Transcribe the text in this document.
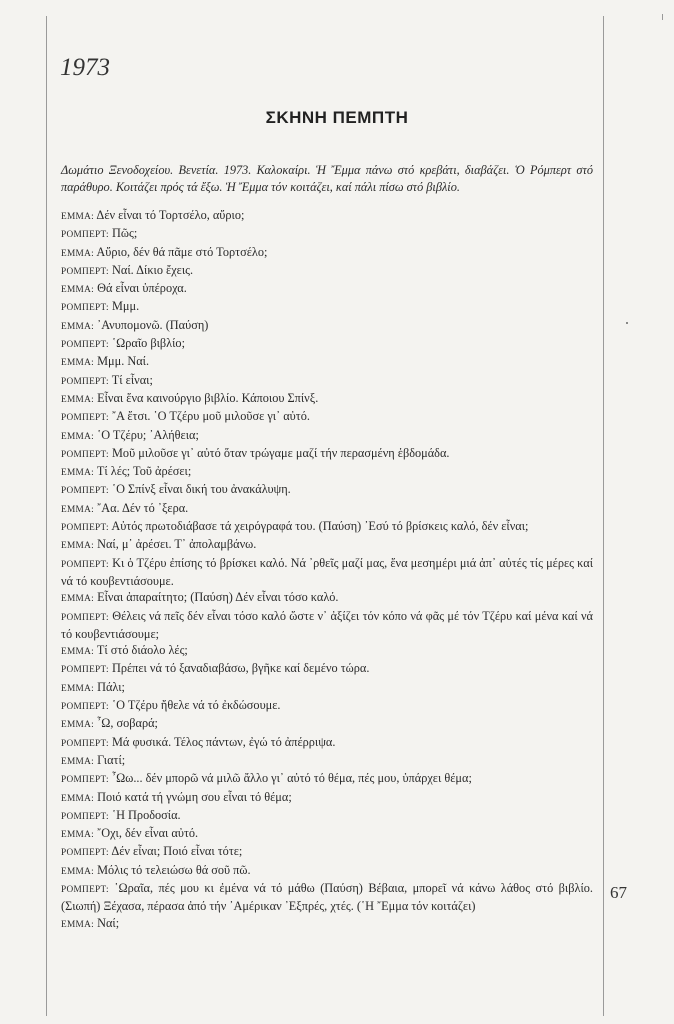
1973
ΣΚΗΝΗ ΠΕΜΠΤΗ

Δωμάτιο Ξενοδοχείου. Βενετία. 1973. Καλοκαίρι. Ἡ Ἔμμα πάνω στό κρεβάτι, διαβάζει. Ὁ Ρόμπερτ στό παράθυρο. Κοιτάζει πρός τά ἔξω. Ἡ Ἔμμα τόν κοιτάζει, καί πάλι πίσω στό βιβλίο.

ΕΜΜΑ: Δέν εἶναι τό Τορτσέλο, αὔριο;
ΡΟΜΠΕΡΤ: Πῶς;
ΕΜΜΑ: Αὔριο, δέν θά πᾶμε στό Τορτσέλο;
ΡΟΜΠΕΡΤ: Ναί. Δίκιο ἔχεις.
ΕΜΜΑ: Θά εἶναι ὑπέροχα.
ΡΟΜΠΕΡΤ: Μμμ.
ΕΜΜΑ: ᾿Ανυπομονῶ. (Παύση)
ΡΟΜΠΕΡΤ: ῾Ωραῖο βιβλίο;
ΕΜΜΑ: Μμμ. Ναί.
ΡΟΜΠΕΡΤ: Τί εἶναι;
ΕΜΜΑ: Εἶναι ἕνα καινούργιο βιβλίο. Κάποιου Σπίνξ.
ΡΟΜΠΕΡΤ: ῎Α ἔτσι. ῾Ο Τζέρυ μοῦ μιλοῦσε γι᾿ αὐτό.
ΕΜΜΑ: ῾Ο Τζέρυ; ᾿Αλήθεια;
ΡΟΜΠΕΡΤ: Μοῦ μιλοῦσε γι᾿ αὐτό ὅταν τρώγαμε μαζί τήν περασμένη ἑβδομάδα.
ΕΜΜΑ: Τί λές; Τοῦ ἀρέσει;
ΡΟΜΠΕΡΤ: ῾Ο Σπίνξ εἶναι δική του ἀνακάλυψη.
ΕΜΜΑ: ῎Αα. Δέν τό ᾿ξερα.
ΡΟΜΠΕΡΤ: Αὐτός πρωτοδιάβασε τά χειρόγραφά του. (Παύση) ᾿Εσύ τό βρίσκεις καλό, δέν εἶναι;
ΕΜΜΑ: Ναί, μ᾿ ἀρέσει. Τ᾿ ἀπολαμβάνω.
ΡΟΜΠΕΡΤ: Κι ὁ Τζέρυ ἐπίσης τό βρίσκει καλό. Νά ᾿ρθεῖς μαζί μας, ἕνα μεσημέρι μιά ἀπ᾿ αὐτές τίς μέρες καί νά τό κουβεντιάσουμε.
ΕΜΜΑ: Εἶναι ἀπαραίτητο; (Παύση) Δέν εἶναι τόσο καλό.
ΡΟΜΠΕΡΤ: Θέλεις νά πεῖς δέν εἶναι τόσο καλό ὥστε ν᾿ ἀξίζει τόν κόπο νά φᾶς μέ τόν Τζέρυ καί μένα καί νά τό κουβεντιάσουμε;
ΕΜΜΑ: Τί στό διάολο λές;
ΡΟΜΠΕΡΤ: Πρέπει νά τό ξαναδιαβάσω, βγῆκε καί δεμένο τώρα.
ΕΜΜΑ: Πάλι;
ΡΟΜΠΕΡΤ: ῾Ο Τζέρυ ἤθελε νά τό ἐκδώσουμε.
ΕΜΜΑ: ῏Ω, σοβαρά;
ΡΟΜΠΕΡΤ: Μά φυσικά. Τέλος πάντων, ἐγώ τό ἀπέρριψα.
ΕΜΜΑ: Γιατί;
ΡΟΜΠΕΡΤ: ῏Ωω... δέν μπορῶ νά μιλῶ ἄλλο γι᾿ αὐτό τό θέμα, πές μου, ὑπάρχει θέμα;
ΕΜΜΑ: Ποιό κατά τή γνώμη σου εἶναι τό θέμα;
ΡΟΜΠΕΡΤ: ῾Η Προδοσία.
ΕΜΜΑ: ῎Οχι, δέν εἶναι αὐτό.
ΡΟΜΠΕΡΤ: Δέν εἶναι; Ποιό εἶναι τότε;
ΕΜΜΑ: Μόλις τό τελειώσω θά σοῦ πῶ.
ΡΟΜΠΕΡΤ: ῾Ωραῖα, πές μου κι ἐμένα νά τό μάθω (Παύση) Βέβαια, μπορεῖ νά κάνω λάθος στό βιβλίο. (Σιωπή) Ξέχασα, πέρασα ἀπό τήν ᾿Αμέρικαν ᾿Εξπρές, χτές. (῾Η ῎Εμμα τόν κοιτάζει)
ΕΜΜΑ: Ναί;
67
